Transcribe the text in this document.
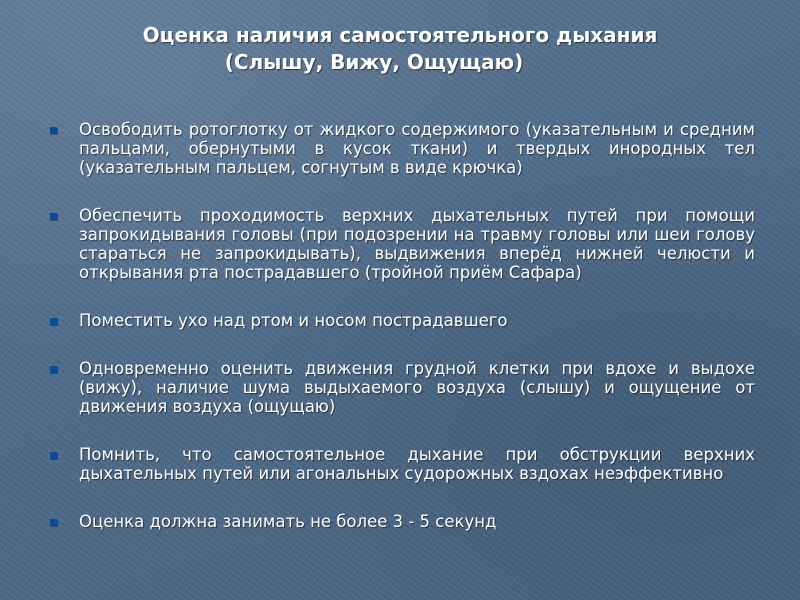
Оценка наличия самостоятельного дыхания
(Слышу, Вижу, Ощущаю)
Освободить ротоглотку от жидкого содержимого (указательным и средним пальцами, обернутыми в кусок ткани) и твердых инородных тел (указательным пальцем, согнутым в виде крючка)
Обеспечить проходимость верхних дыхательных путей при помощи запрокидывания головы (при подозрении на травму головы или шеи голову стараться не запрокидывать), выдвижения вперёд нижней челюсти и открывания рта пострадавшего (тройной приём Сафара)
Поместить ухо над ртом и носом пострадавшего
Одновременно оценить движения грудной клетки при вдохе и выдохе (вижу), наличие шума выдыхаемого воздуха (слышу) и ощущение от движения воздуха (ощущаю)
Помнить, что самостоятельное дыхание при обструкции верхних дыхательных путей или агональных судорожных вздохах неэффективно
Оценка должна занимать не более 3 - 5 секунд
